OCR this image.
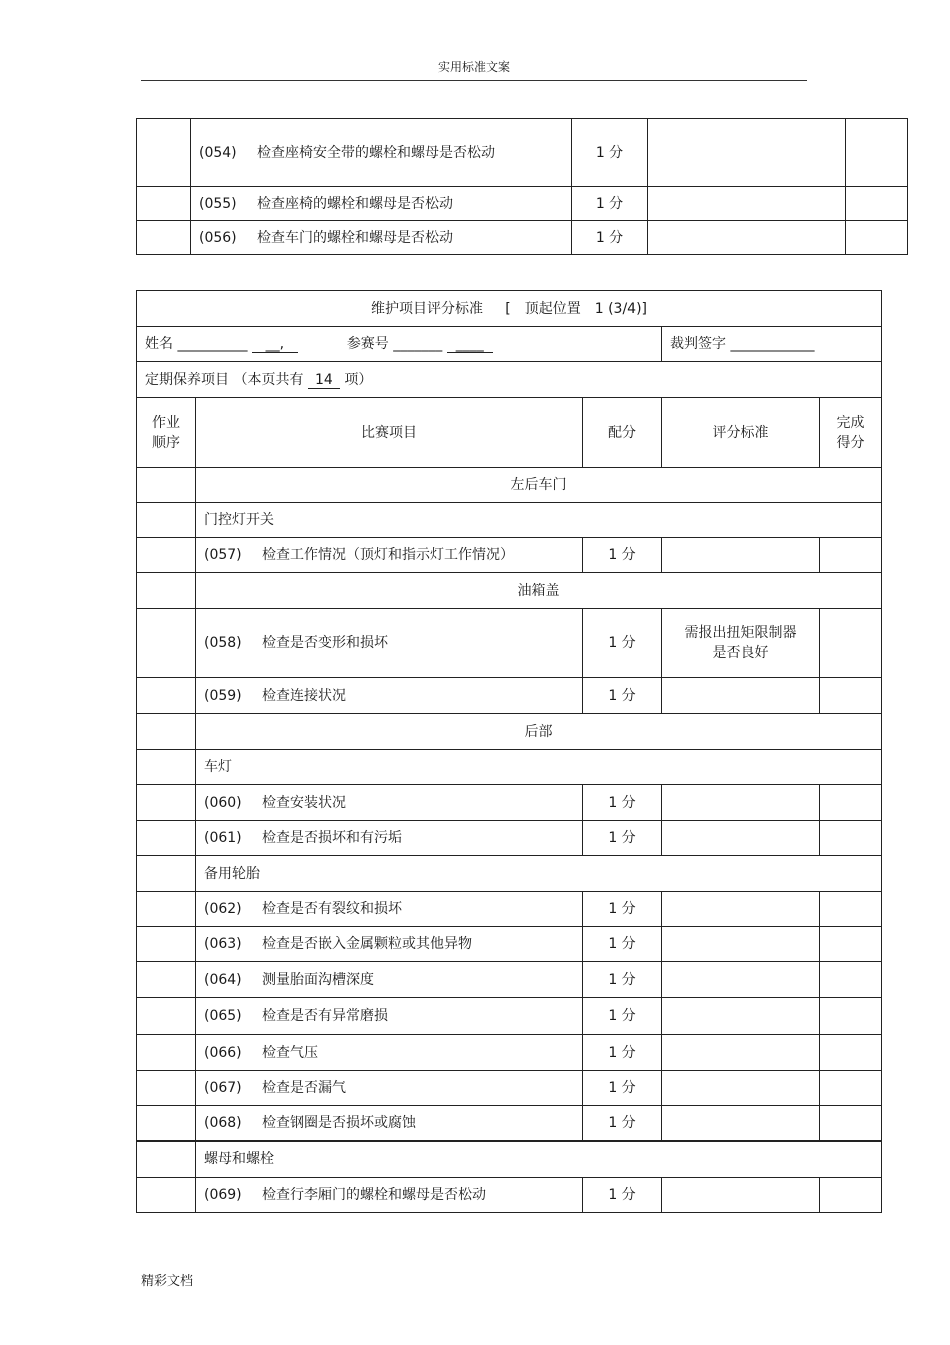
实用标准文案
	(054) 检查座椅安全带的螺栓和螺母是否松动	1 分		
	(055) 检查座椅的螺栓和螺母是否松动	1 分		
	(056) 检查车门的螺栓和螺母是否松动	1 分		
维护项目评分标准 [　顶起位置　1 (3/4)]				
姓名 __________ __, 参赛号 _______ ____			裁判签字 ____________	
定期保养项目 （本页共有 14 项）				
作业
顺序	比赛项目	配分	评分标准	完成
得分
	左后车门			
	门控灯开关			
	(057) 检查工作情况（顶灯和指示灯工作情况）	1 分		
	油箱盖			
	(058) 检查是否变形和损坏	1 分	需报出扭矩限制器
是否良好	
	(059) 检查连接状况	1 分		
	后部			
	车灯			
	(060) 检查安装状况	1 分		
	(061) 检查是否损坏和有污垢	1 分		
	备用轮胎			
	(062) 检查是否有裂纹和损坏	1 分		
	(063) 检查是否嵌入金属颗粒或其他异物	1 分		
	(064) 测量胎面沟槽深度	1 分		
	(065) 检查是否有异常磨损	1 分		
	(066) 检查气压	1 分		
	(067) 检查是否漏气	1 分		
	(068) 检查钢圈是否损坏或腐蚀	1 分		
	螺母和螺栓			
	(069) 检查行李厢门的螺栓和螺母是否松动	1 分		
精彩文档
